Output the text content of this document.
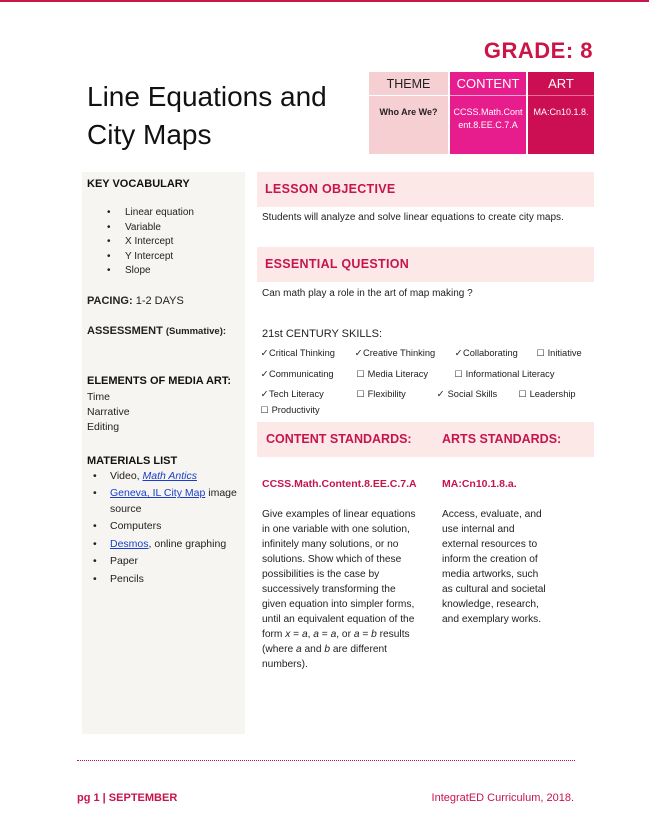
GRADE: 8
Line Equations and
City Maps
THEME
Who Are We?
CONTENT
CCSS.Math.Content.8.EE.C.7.A
ART
MA:Cn10.1.8.
KEY VOCABULARY
• Linear equation
• Variable
• X Intercept
• Y Intercept
• Slope
PACING: 1-2 DAYS
ASSESSMENT (Summative):
ELEMENTS OF MEDIA ART:
Time
Narrative
Editing
MATERIALS LIST
• Video, Math Antics
• Geneva, IL City Map image source
• Computers
• Desmos, online graphing
• Paper
• Pencils
LESSON OBJECTIVE
Students will analyze and solve linear equations to create city maps.
ESSENTIAL QUESTION
Can math play a role in the art of map making ?
21st CENTURY SKILLS:
✓Critical Thinking ✓Creative Thinking ✓Collaborating ☐ Initiative
✓Communicating	☐ Media Literacy	☐ Informational Literacy
✓Tech Literacy	☐ Flexibility	✓ Social Skills ☐ Leadership
☐ Productivity
CONTENT STANDARDS: ARTS STANDARDS:
CCSS.Math.Content.8.EE.C.7.A MA:Cn10.1.8.a.
Give examples of linear equations in one variable with one solution, infinitely many solutions, or no solutions. Show which of these possibilities is the case by successively transforming the given equation into simpler forms, until an equivalent equation of the form x = a, a = a, or a = b results (where a and b are different numbers).
Access, evaluate, and use internal and external resources to inform the creation of media artworks, such as cultural and societal knowledge, research, and exemplary works.
pg 1 | SEPTEMBER	IntegratED Curriculum, 2018.
